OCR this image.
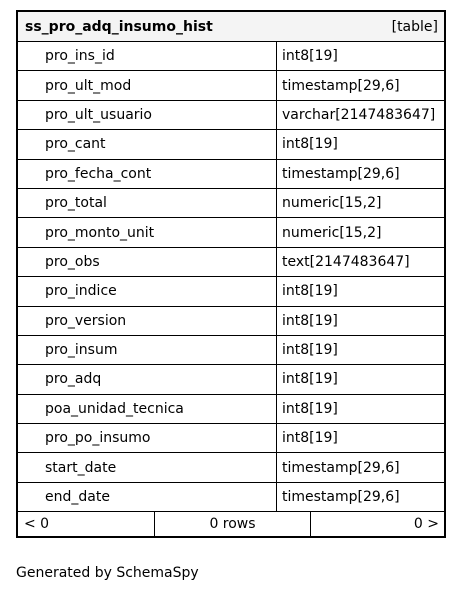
ss_pro_adq_insumo_hist	[table]
pro_ins_id	int8[19]
pro_ult_mod	timestamp[29,6]
pro_ult_usuario	varchar[2147483647]
pro_cant	int8[19]
pro_fecha_cont	timestamp[29,6]
pro_total	numeric[15,2]
pro_monto_unit	numeric[15,2]
pro_obs	text[2147483647]
pro_indice	int8[19]
pro_version	int8[19]
pro_insum	int8[19]
pro_adq	int8[19]
poa_unidad_tecnica	int8[19]
pro_po_insumo	int8[19]
start_date	timestamp[29,6]
end_date	timestamp[29,6]
< 0	0 rows	0 >
Generated by SchemaSpy
